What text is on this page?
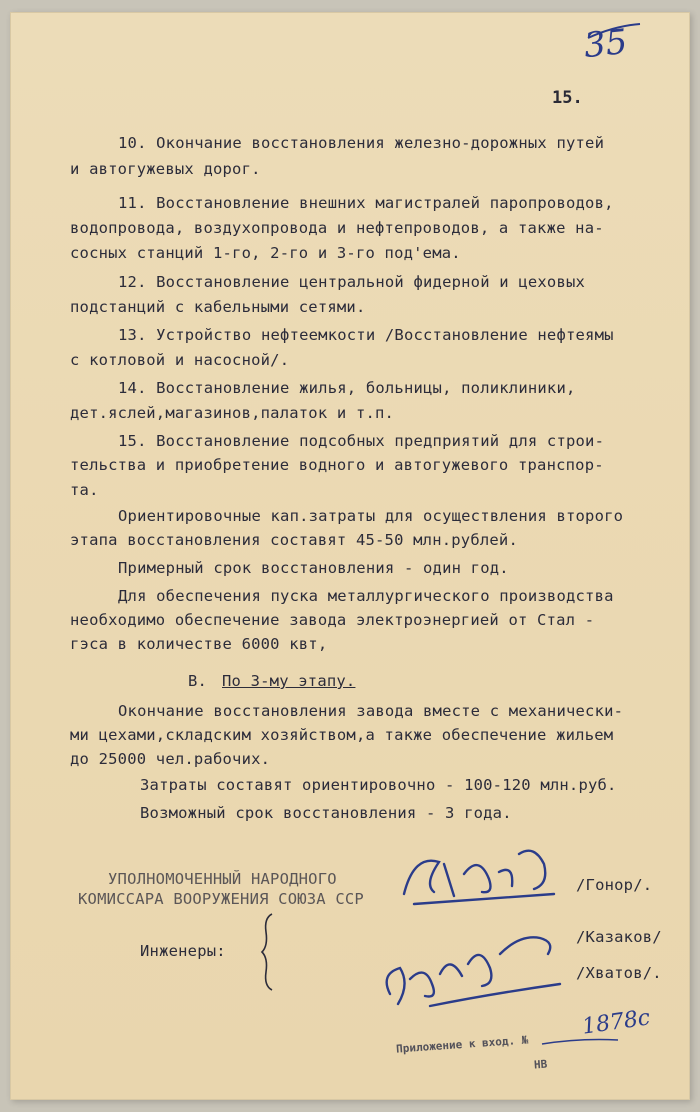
35
15.
10. Окончание восстановления железно-дорожных путей
и автогужевых дорог.
11. Восстановление внешних магистралей паропроводов,
водопровода, воздухопровода и нефтепроводов, а также на-
сосных станций 1-го, 2-го и 3-го под'ема.
12. Восстановление центральной фидерной и цеховых
подстанций с кабельными сетями.
13. Устройство нефтеемкости /Восстановление нефтеямы
с котловой и насосной/.
14. Восстановление жилья, больницы, поликлиники,
дет.яслей,магазинов,палаток и т.п.
15. Восстановление подсобных предприятий для строи-
тельства и приобретение водного и автогужевого транспор-
та.
Ориентировочные кап.затраты для осуществления второго
этапа восстановления составят 45-50 млн.рублей.
Примерный срок восстановления - один год.
Для обеспечения пуска металлургического производства
необходимо обеспечение завода электроэнергией от Стал -
гэса в количестве 6000 квт,
В. По 3-му этапу.
Окончание восстановления завода вместе с механически-
ми цехами,складским хозяйством,а также обеспечение жильем
до 25000 чел.рабочих.
Затраты составят ориентировочно - 100-120 млн.руб.
Возможный срок восстановления - 3 года.
УПОЛНОМОЧЕННЫЙ НАРОДНОГО
КОМИССАРА ВООРУЖЕНИЯ СОЮЗА ССР
/Гонор/.
Инженеры:
/Казаков/
/Хватов/.
Приложение к вход. №
НВ
1878с
